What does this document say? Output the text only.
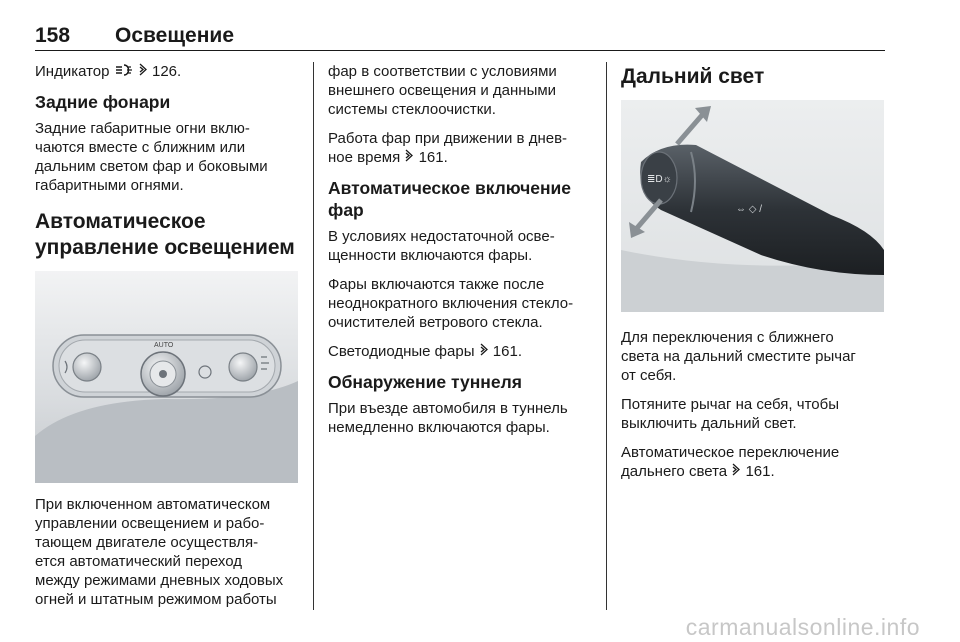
158 Освещение

Индикатор   126.

Задние фонари

Задние габаритные огни вклю-
чаются вместе с ближним или
дальним светом фар и боковыми
габаритными огнями.

Автоматическое
управление освещением
AUTO

При включенном автоматическом
управлении освещением и рабо-
тающем двигателе осуществля-
ется автоматический переход
между режимами дневных ходовых
огней и штатным режимом работы

фар в соответствии с условиями
внешнего освещения и данными
системы стеклоочистки.

Работа фар при движении в днев-
ное время  161.

Автоматическое включение
фар

В условиях недостаточной осве-
щенности включаются фары.

Фары включаются также после
неоднократного включения стекло-
очистителей ветрового стекла.

Светодиодные фары  161.

Обнаружение туннеля

При въезде автомобиля в туннель
немедленно включаются фары.

Дальний свет
≣D☼
⇔ ◇ /

Для переключения с ближнего
света на дальний сместите рычаг
от себя.

Потяните рычаг на себя, чтобы
выключить дальний свет.

Автоматическое переключение
дальнего света  161.

carmanualsonline.info
